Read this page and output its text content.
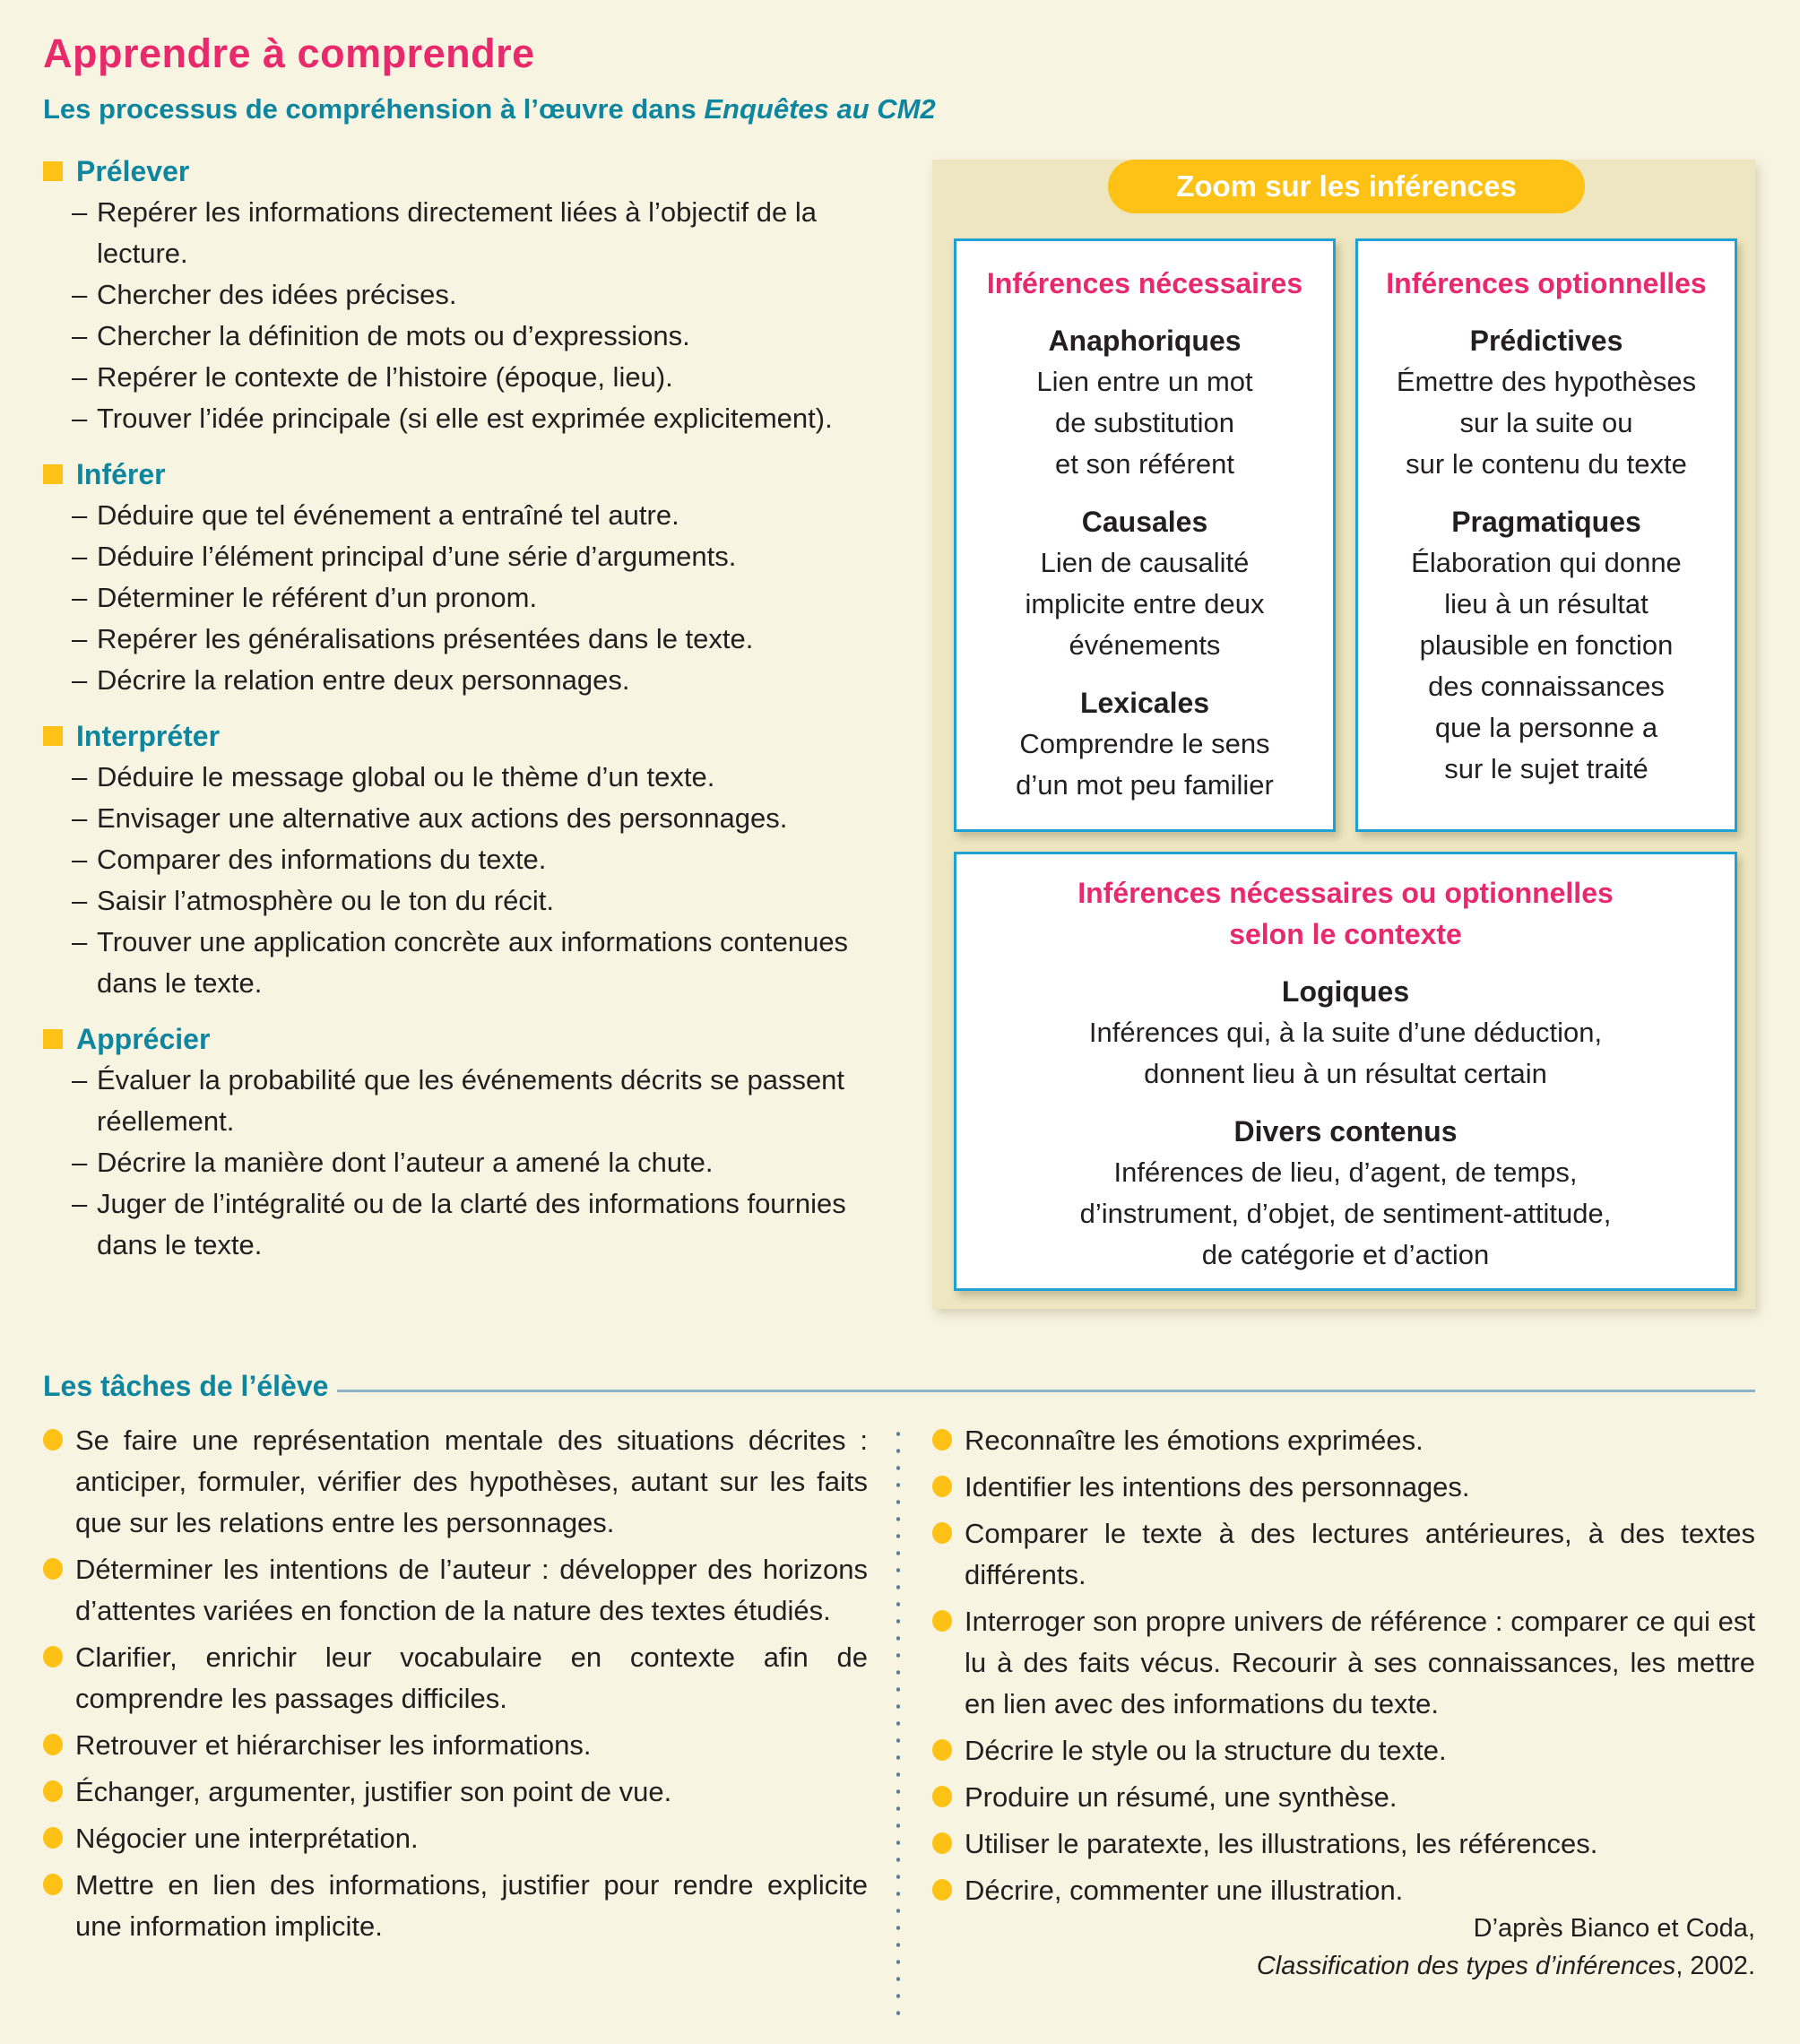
Apprendre à comprendre
Les processus de compréhension à l’œuvre dans Enquêtes au CM2
Prélever
– Repérer les informations directement liées à l’objectif de la lecture.
– Chercher des idées précises.
– Chercher la définition de mots ou d’expressions.
– Repérer le contexte de l’histoire (époque, lieu).
– Trouver l’idée principale (si elle est exprimée explicitement).
Inférer
– Déduire que tel événement a entraîné tel autre.
– Déduire l’élément principal d’une série d’arguments.
– Déterminer le référent d’un pronom.
– Repérer les généralisations présentées dans le texte.
– Décrire la relation entre deux personnages.
Interpréter
– Déduire le message global ou le thème d’un texte.
– Envisager une alternative aux actions des personnages.
– Comparer des informations du texte.
– Saisir l’atmosphère ou le ton du récit.
– Trouver une application concrète aux informations contenues dans le texte.
Apprécier
– Évaluer la probabilité que les événements décrits se passent réellement.
– Décrire la manière dont l’auteur a amené la chute.
– Juger de l’intégralité ou de la clarté des informations fournies dans le texte.
Zoom sur les inférences
Inférences nécessaires
Anaphoriques
Lien entre un mot
de substitution
et son référent
Causales
Lien de causalité
implicite entre deux
événements
Lexicales
Comprendre le sens
d’un mot peu familier
Inférences optionnelles
Prédictives
Émettre des hypothèses
sur la suite ou
sur le contenu du texte
Pragmatiques
Élaboration qui donne
lieu à un résultat
plausible en fonction
des connaissances
que la personne a
sur le sujet traité
Inférences nécessaires ou optionnelles
selon le contexte
Logiques
Inférences qui, à la suite d’une déduction,
donnent lieu à un résultat certain
Divers contenus
Inférences de lieu, d’agent, de temps,
d’instrument, d’objet, de sentiment-attitude,
de catégorie et d’action
Les tâches de l’élève
Se faire une représentation mentale des situations décrites : anticiper, formuler, vérifier des hypothèses, autant sur les faits que sur les relations entre les personnages.
Déterminer les intentions de l’auteur : développer des horizons d’attentes variées en fonction de la nature des textes étudiés.
Clarifier, enrichir leur vocabulaire en contexte afin de comprendre les passages difficiles.
Retrouver et hiérarchiser les informations.
Échanger, argumenter, justifier son point de vue.
Négocier une interprétation.
Mettre en lien des informations, justifier pour rendre explicite une information implicite.
Reconnaître les émotions exprimées.
Identifier les intentions des personnages.
Comparer le texte à des lectures antérieures, à des textes différents.
Interroger son propre univers de référence : comparer ce qui est lu à des faits vécus. Recourir à ses connaissances, les mettre en lien avec des informations du texte.
Décrire le style ou la structure du texte.
Produire un résumé, une synthèse.
Utiliser le paratexte, les illustrations, les références.
Décrire, commenter une illustration.
D’après Bianco et Coda,
Classification des types d’inférences, 2002.
